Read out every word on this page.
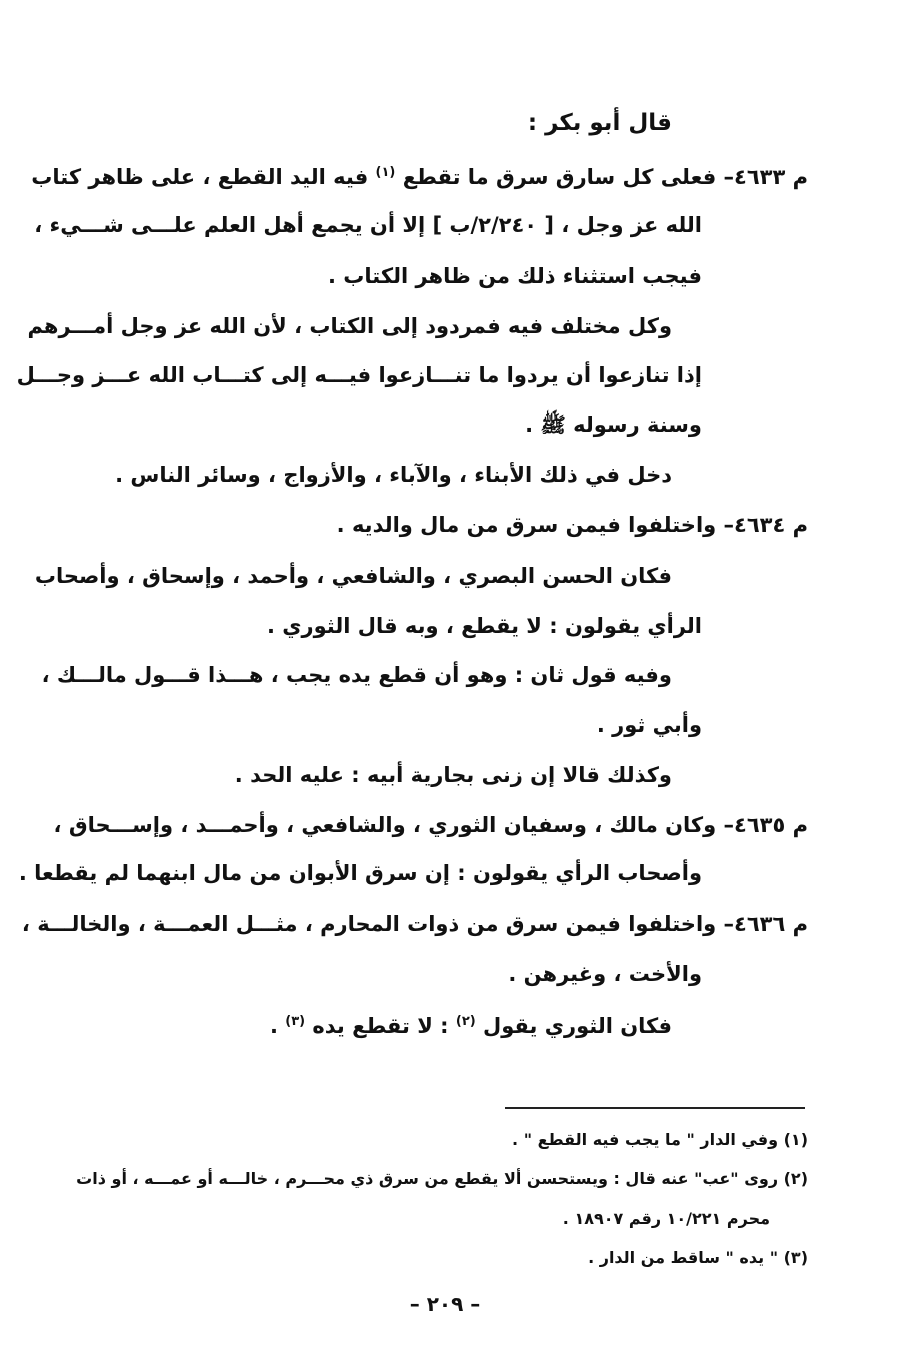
قال أبو بكر :
م ٤٦٣٣– فعلى كل سارق سرق ما تقطع $^{(١)}$ فيه اليد القطع ، على ظاهر كتاب
الله عز وجل ، [ ٢/٢٤٠/ب ] إلا أن يجمع أهل العلم علـــى شـــيء ،
فيجب استثناء ذلك من ظاهر الكتاب .
وكل مختلف فيه فمردود إلى الكتاب ، لأن الله عز وجل أمـــرهم
إذا تنازعوا أن يردوا ما تنـــازعوا فيـــه إلى كتـــاب الله عـــز وجـــل
وسنة رسوله ﷺ .
دخل في ذلك الأبناء ، والآباء ، والأزواج ، وسائر الناس .
م ٤٦٣٤– واختلفوا فيمن سرق من مال والديه .
فكان الحسن البصري ، والشافعي ، وأحمد ، وإسحاق ، وأصحاب
الرأي يقولون : لا يقطع ، وبه قال الثوري .
وفيه قول ثان : وهو أن قطع يده يجب ، هـــذا قـــول مالـــك ،
وأبي ثور .
وكذلك قالا إن زنى بجارية أبيه : عليه الحد .
م ٤٦٣٥– وكان مالك ، وسفيان الثوري ، والشافعي ، وأحمـــد ، وإســـحاق ،
وأصحاب الرأي يقولون : إن سرق الأبوان من مال ابنهما لم يقطعا .
م ٤٦٣٦– واختلفوا فيمن سرق من ذوات المحارم ، مثـــل العمـــة ، والخالـــة ،
والأخت ، وغيرهن .
فكان الثوري يقول $^{(٢)}$ : لا تقطع يده $^{(٣)}$ .
(١) وفي الدار " ما يجب فيه القطع " .
(٢) روى "عب" عنه قال : ويستحسن ألا يقطع من سرق ذي محـــرم ، خالـــه أو عمـــه ، أو ذات
محرم ١٠/٢٢١ رقم ١٨٩٠٧ .
(٣) " يده " ساقط من الدار .
– ٢٠٩ –
